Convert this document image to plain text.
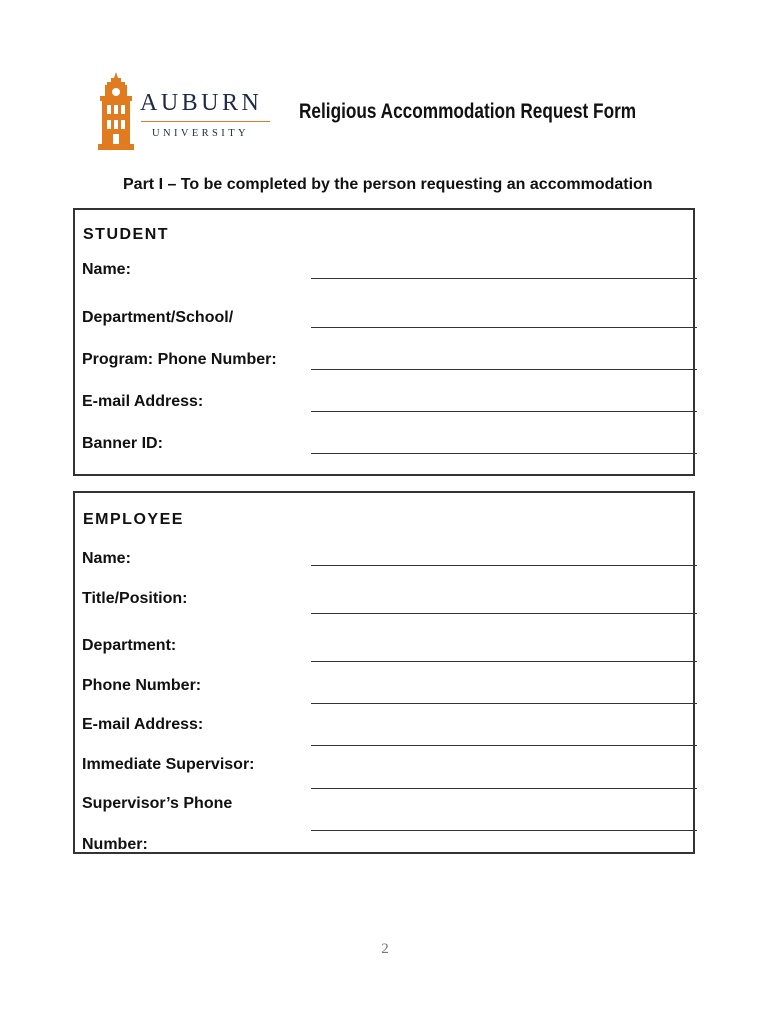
AUBURN
UNIVERSITY
Religious Accommodation Request Form
Part I – To be completed by the person requesting an accommodation
STUDENT
Name:
Department/School/
Program: Phone Number:
E-mail Address:
Banner ID:
EMPLOYEE
Name:
Title/Position:
Department:
Phone Number:
E-mail Address:
Immediate Supervisor:
Supervisor’s Phone
Number:
2
